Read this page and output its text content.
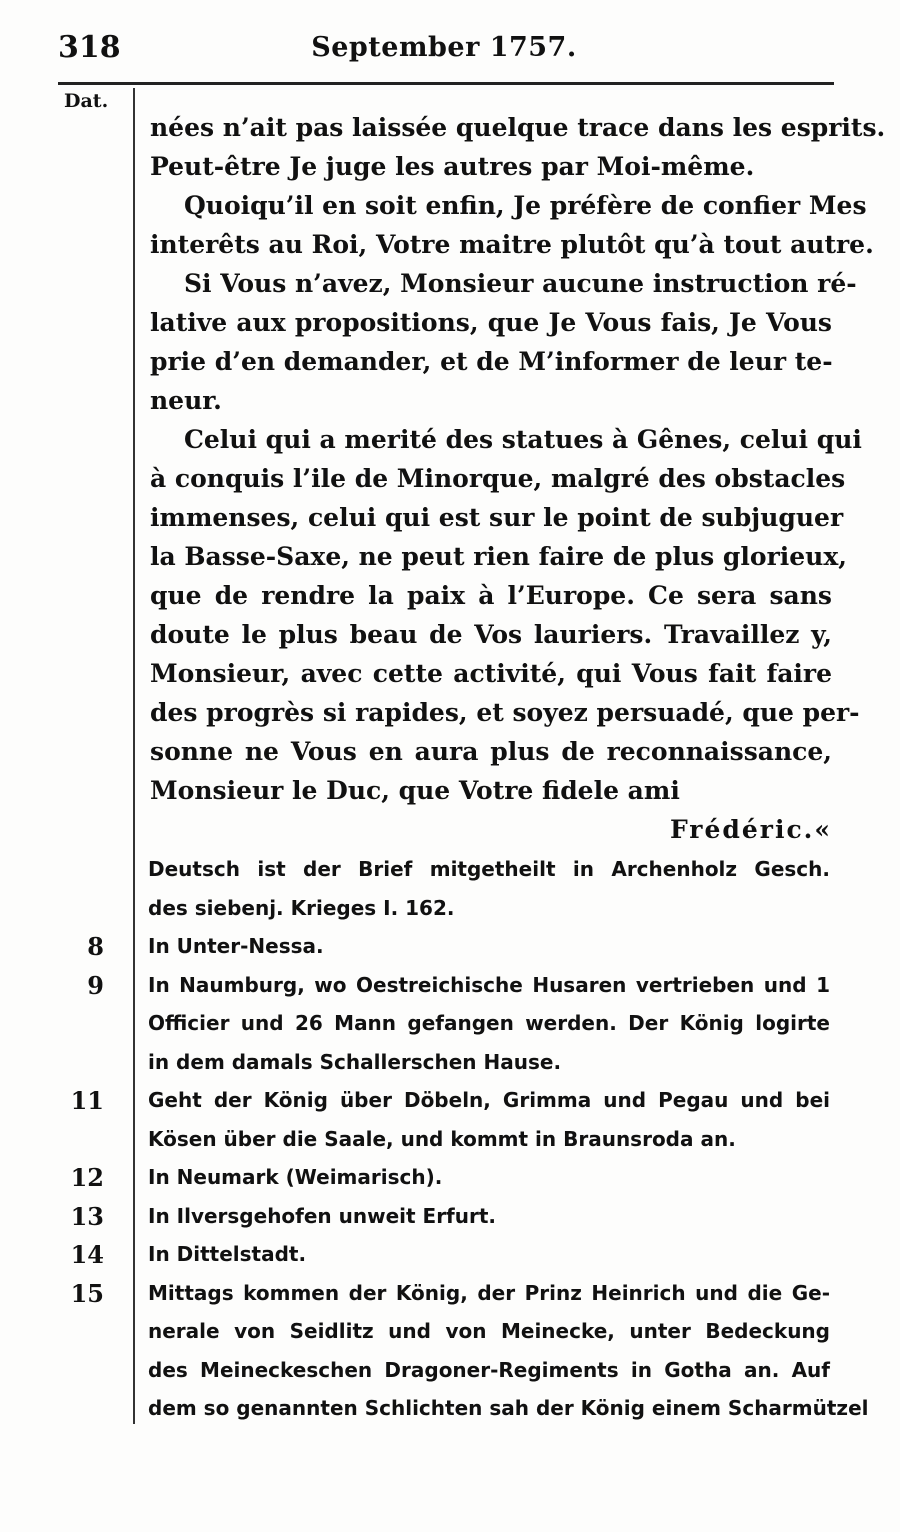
318	September 1757.
Dat.
nées n’ait pas laissée quelque trace dans les esprits.
Peut-être Je juge les autres par Moi-même.
Quoiqu’il en soit enfin, Je préfère de confier Mes
interêts au Roi, Votre maitre plutôt qu’à tout autre.
Si Vous n’avez, Monsieur aucune instruction ré-
lative aux propositions, que Je Vous fais, Je Vous
prie d’en demander, et de M’informer de leur te-
neur.
Celui qui a merité des statues à Gênes, celui qui
à conquis l’ile de Minorque, malgré des obstacles
immenses, celui qui est sur le point de subjuguer
la Basse-Saxe, ne peut rien faire de plus glorieux,
que de rendre la paix à l’Europe. Ce sera sans
doute le plus beau de Vos lauriers. Travaillez y,
Monsieur, avec cette activité, qui Vous fait faire
des progrès si rapides, et soyez persuadé, que per-
sonne ne Vous en aura plus de reconnaissance,
Monsieur le Duc, que Votre fidele ami
Frédéric.«
Deutsch ist der Brief mitgetheilt in Archenholz Gesch.
des siebenj. Krieges I. 162.
8 In Unter-Nessa.
9 In Naumburg, wo Oestreichische Husaren vertrieben und 1
Officier und 26 Mann gefangen werden. Der König logirte
in dem damals Schallerschen Hause.
11 Geht der König über Döbeln, Grimma und Pegau und bei
Kösen über die Saale, und kommt in Braunsroda an.
12 In Neumark (Weimarisch).
13 In Ilversgehofen unweit Erfurt.
14 In Dittelstadt.
15 Mittags kommen der König, der Prinz Heinrich und die Ge-
nerale von Seidlitz und von Meinecke, unter Bedeckung
des Meineckeschen Dragoner-Regiments in Gotha an. Auf
dem so genannten Schlichten sah der König einem Scharmützel
